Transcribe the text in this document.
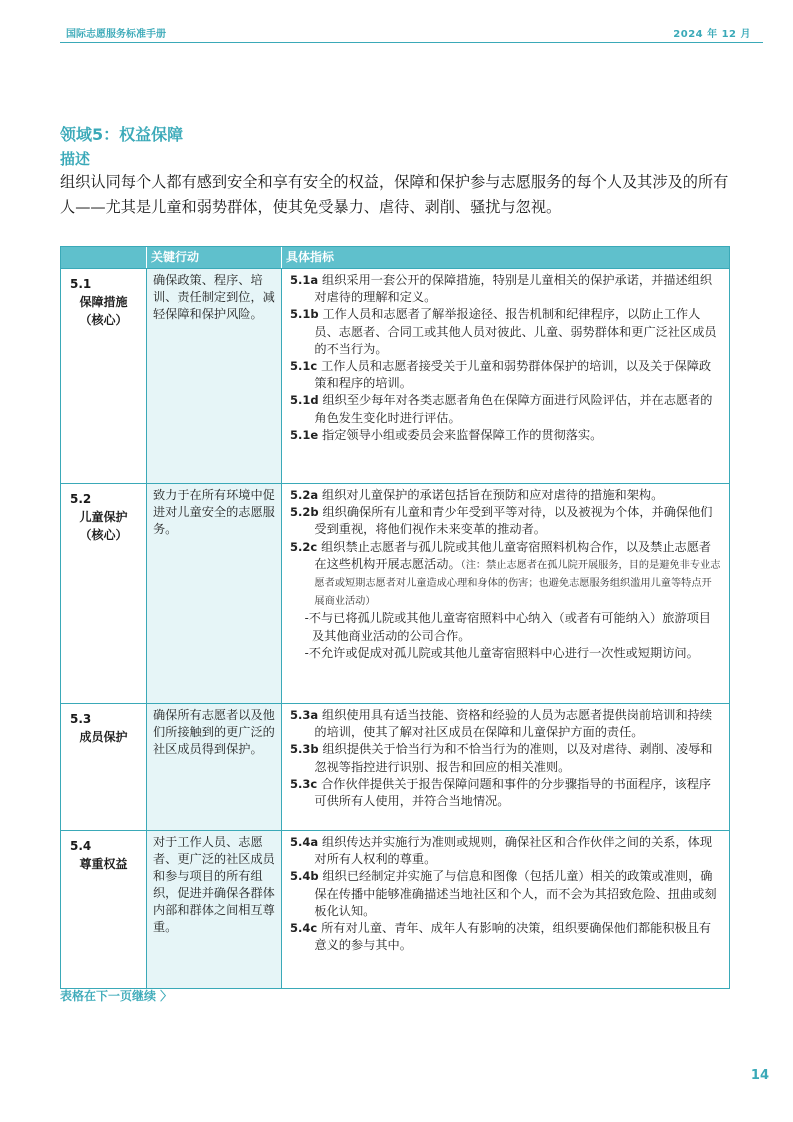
国际志愿服务标准手册	2024 年 12 月
领域5：权益保障
描述
组织认同每个人都有感到安全和享有安全的权益，保障和保护参与志愿服务的每个人及其涉及的所有人——尤其是儿童和弱势群体，使其免受暴力、虐待、剥削、骚扰与忽视。
关键行动	具体指标
5.1
保障措施
（核心）
确保政策、程序、培训、责任制定到位，减轻保障和保护风险。

5.1a 组织采用一套公开的保障措施，特别是儿童相关的保护承诺，并描述组织对虐待的理解和定义。

5.1b 工作人员和志愿者了解举报途径、报告机制和纪律程序，以防止工作人员、志愿者、合同工或其他人员对彼此、儿童、弱势群体和更广泛社区成员的不当行为。

5.1c 工作人员和志愿者接受关于儿童和弱势群体保护的培训，以及关于保障政策和程序的培训。

5.1d 组织至少每年对各类志愿者角色在保障方面进行风险评估，并在志愿者的角色发生变化时进行评估。

5.1e 指定领导小组或委员会来监督保障工作的贯彻落实。

5.2
儿童保护
（核心）
致力于在所有环境中促进对儿童安全的志愿服务。

5.2a 组织对儿童保护的承诺包括旨在预防和应对虐待的措施和架构。

5.2b 组织确保所有儿童和青少年受到平等对待，以及被视为个体，并确保他们受到重视，将他们视作未来变革的推动者。

5.2c 组织禁止志愿者与孤儿院或其他儿童寄宿照料机构合作，以及禁止志愿者在这些机构开展志愿活动。（注：禁止志愿者在孤儿院开展服务，目的是避免非专业志愿者或短期志愿者对儿童造成心理和身体的伤害；也避免志愿服务组织滥用儿童等特点开展商业活动）

-不与已将孤儿院或其他儿童寄宿照料中心纳入（或者有可能纳入）旅游项目及其他商业活动的公司合作。

-不允许或促成对孤儿院或其他儿童寄宿照料中心进行一次性或短期访问。

5.3
成员保护
确保所有志愿者以及他们所接触到的更广泛的社区成员得到保护。

5.3a 组织使用具有适当技能、资格和经验的人员为志愿者提供岗前培训和持续的培训，使其了解对社区成员在保障和儿童保护方面的责任。

5.3b 组织提供关于恰当行为和不恰当行为的准则，以及对虐待、剥削、凌辱和忽视等指控进行识别、报告和回应的相关准则。

5.3c 合作伙伴提供关于报告保障问题和事件的分步骤指导的书面程序，该程序可供所有人使用，并符合当地情况。

5.4
尊重权益
对于工作人员、志愿者、更广泛的社区成员和参与项目的所有组织，促进并确保各群体内部和群体之间相互尊重。

5.4a 组织传达并实施行为准则或规则，确保社区和合作伙伴之间的关系，体现对所有人权利的尊重。

5.4b 组织已经制定并实施了与信息和图像（包括儿童）相关的政策或准则，确保在传播中能够准确描述当地社区和个人，而不会为其招致危险、扭曲或刻板化认知。

5.4c 所有对儿童、青年、成年人有影响的决策，组织要确保他们都能积极且有意义的参与其中。

表格在下一页继续 〉
14
